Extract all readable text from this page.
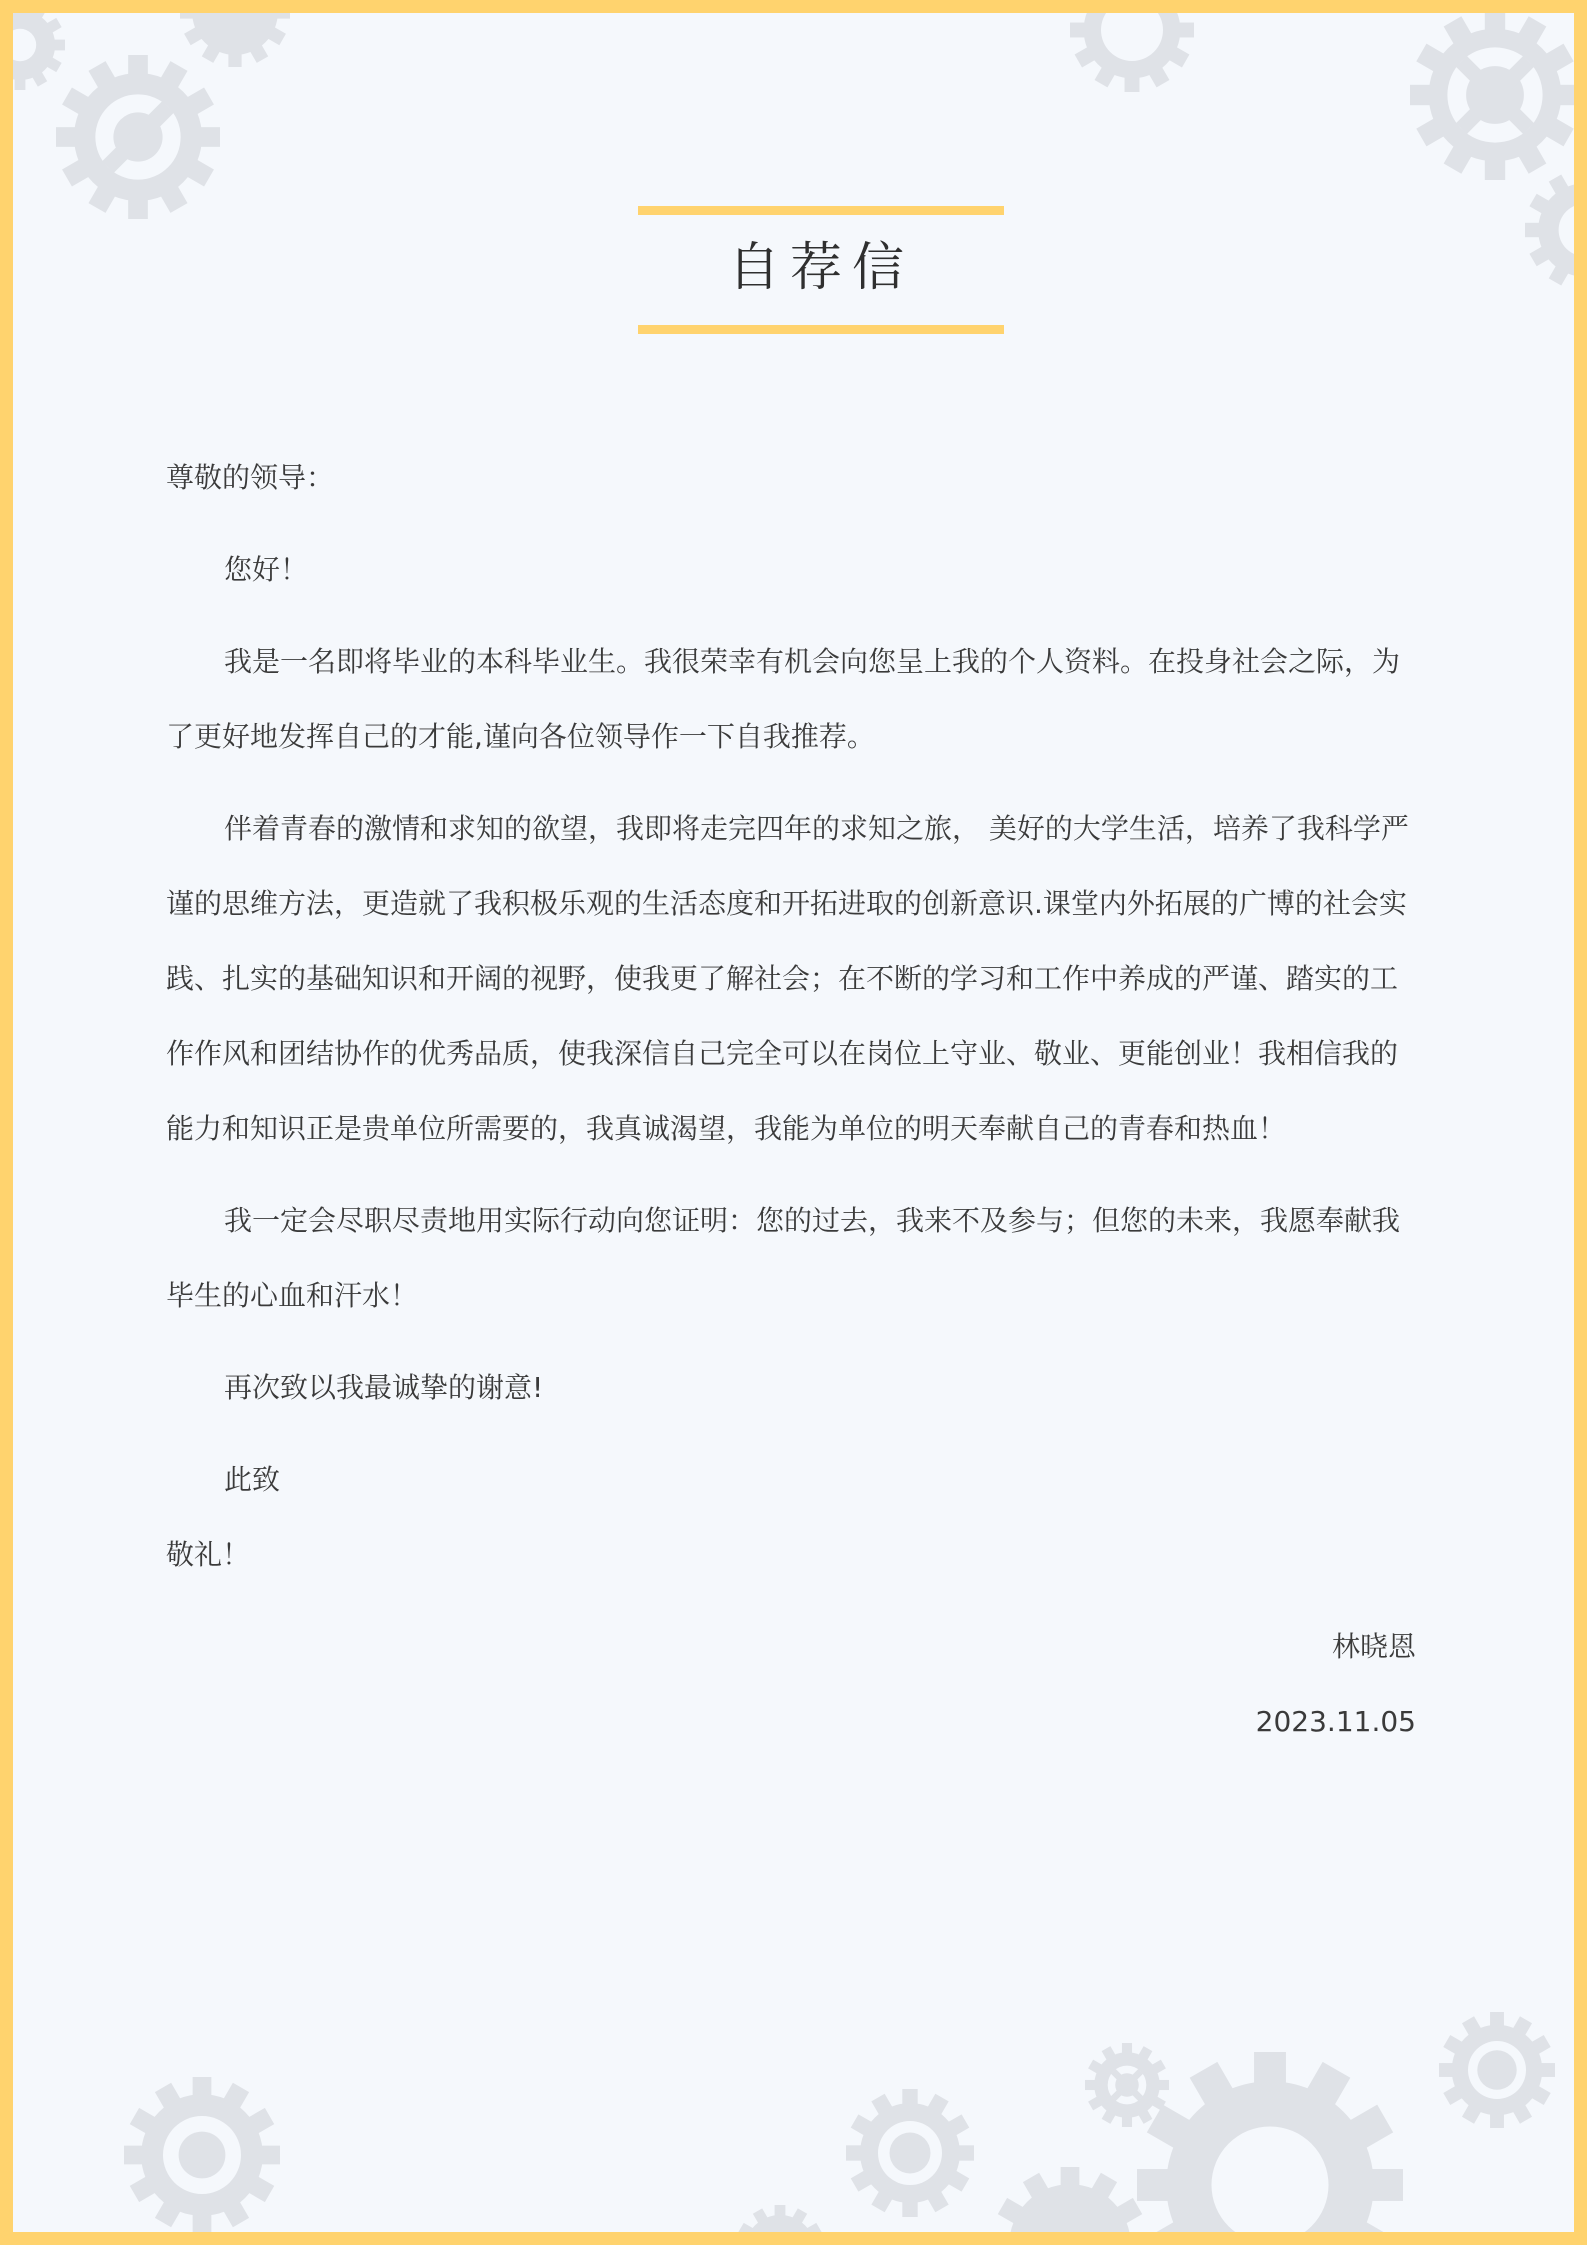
自荐信

尊敬的领导：

您好！

我是一名即将毕业的本科毕业生。我很荣幸有机会向您呈上我的个人资料。在投身社会之际，为了更好地发挥自己的才能,谨向各位领导作一下自我推荐。

伴着青春的激情和求知的欲望，我即将走完四年的求知之旅， 美好的大学生活，培养了我科学严谨的思维方法，更造就了我积极乐观的生活态度和开拓进取的创新意识.课堂内外拓展的广博的社会实践、扎实的基础知识和开阔的视野，使我更了解社会；在不断的学习和工作中养成的严谨、踏实的工作作风和团结协作的优秀品质，使我深信自己完全可以在岗位上守业、敬业、更能创业！我相信我的能力和知识正是贵单位所需要的，我真诚渴望，我能为单位的明天奉献自己的青春和热血！

我一定会尽职尽责地用实际行动向您证明：您的过去，我来不及参与；但您的未来，我愿奉献我毕生的心血和汗水！

再次致以我最诚挚的谢意!

此致

敬礼！

林晓恩

2023.11.05
